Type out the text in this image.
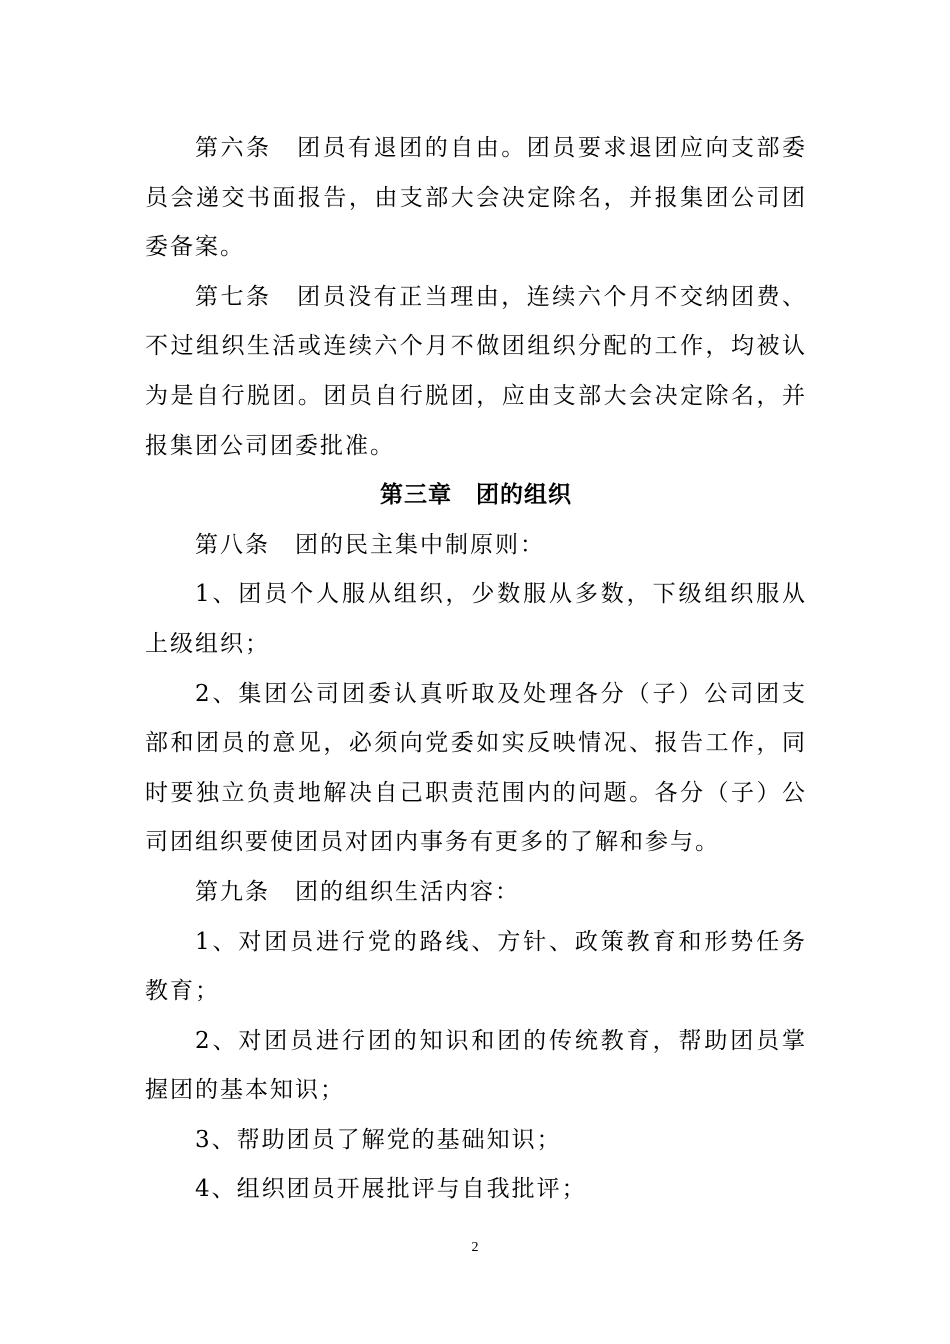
第六条　团员有退团的自由。团员要求退团应向支部委员会递交书面报告，由支部大会决定除名，并报集团公司团委备案。

第七条　团员没有正当理由，连续六个月不交纳团费、不过组织生活或连续六个月不做团组织分配的工作，均被认为是自行脱团。团员自行脱团，应由支部大会决定除名，并报集团公司团委批准。

第三章　团的组织

第八条　团的民主集中制原则：

1、团员个人服从组织，少数服从多数，下级组织服从上级组织；

2、集团公司团委认真听取及处理各分（子）公司团支部和团员的意见，必须向党委如实反映情况、报告工作，同时要独立负责地解决自己职责范围内的问题。各分（子）公司团组织要使团员对团内事务有更多的了解和参与。

第九条　团的组织生活内容：

1、对团员进行党的路线、方针、政策教育和形势任务教育；

2、对团员进行团的知识和团的传统教育，帮助团员掌握团的基本知识；

3、帮助团员了解党的基础知识；

4、组织团员开展批评与自我批评；

2
